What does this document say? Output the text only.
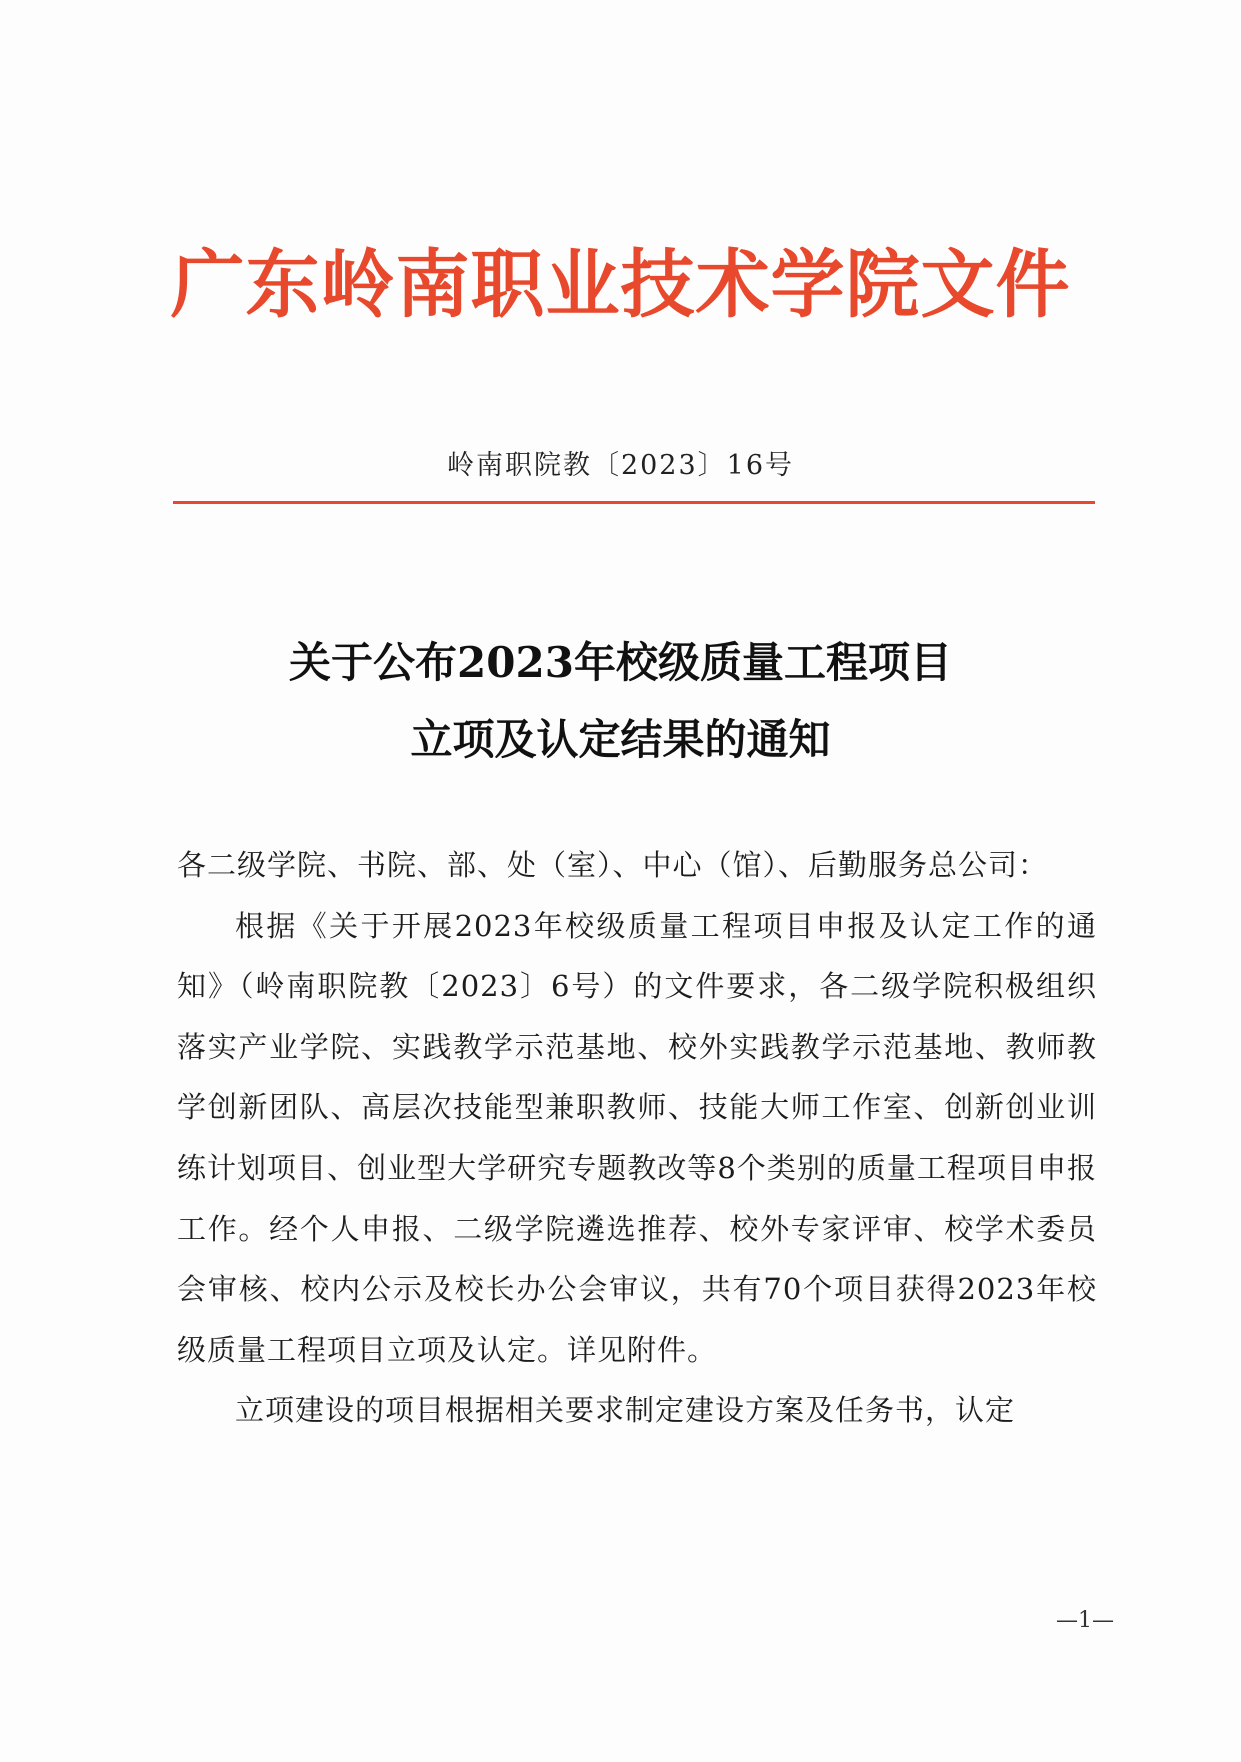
广东岭南职业技术学院文件
岭南职院教〔2023〕16号
关于公布2023年校级质量工程项目
立项及认定结果的通知

各二级学院、书院、部、处（室）、中心（馆）、后勤服务总公司：

根据《关于开展2023年校级质量工程项目申报及认定工作的通知》（岭南职院教〔2023〕6号）的文件要求，各二级学院积极组织落实产业学院、实践教学示范基地、校外实践教学示范基地、教师教学创新团队、高层次技能型兼职教师、技能大师工作室、创新创业训练计划项目、创业型大学研究专题教改等8个类别的质量工程项目申报工作。经个人申报、二级学院遴选推荐、校外专家评审、校学术委员会审核、校内公示及校长办公会审议，共有70个项目获得2023年校级质量工程项目立项及认定。详见附件。

立项建设的项目根据相关要求制定建设方案及任务书，认定

—1—
